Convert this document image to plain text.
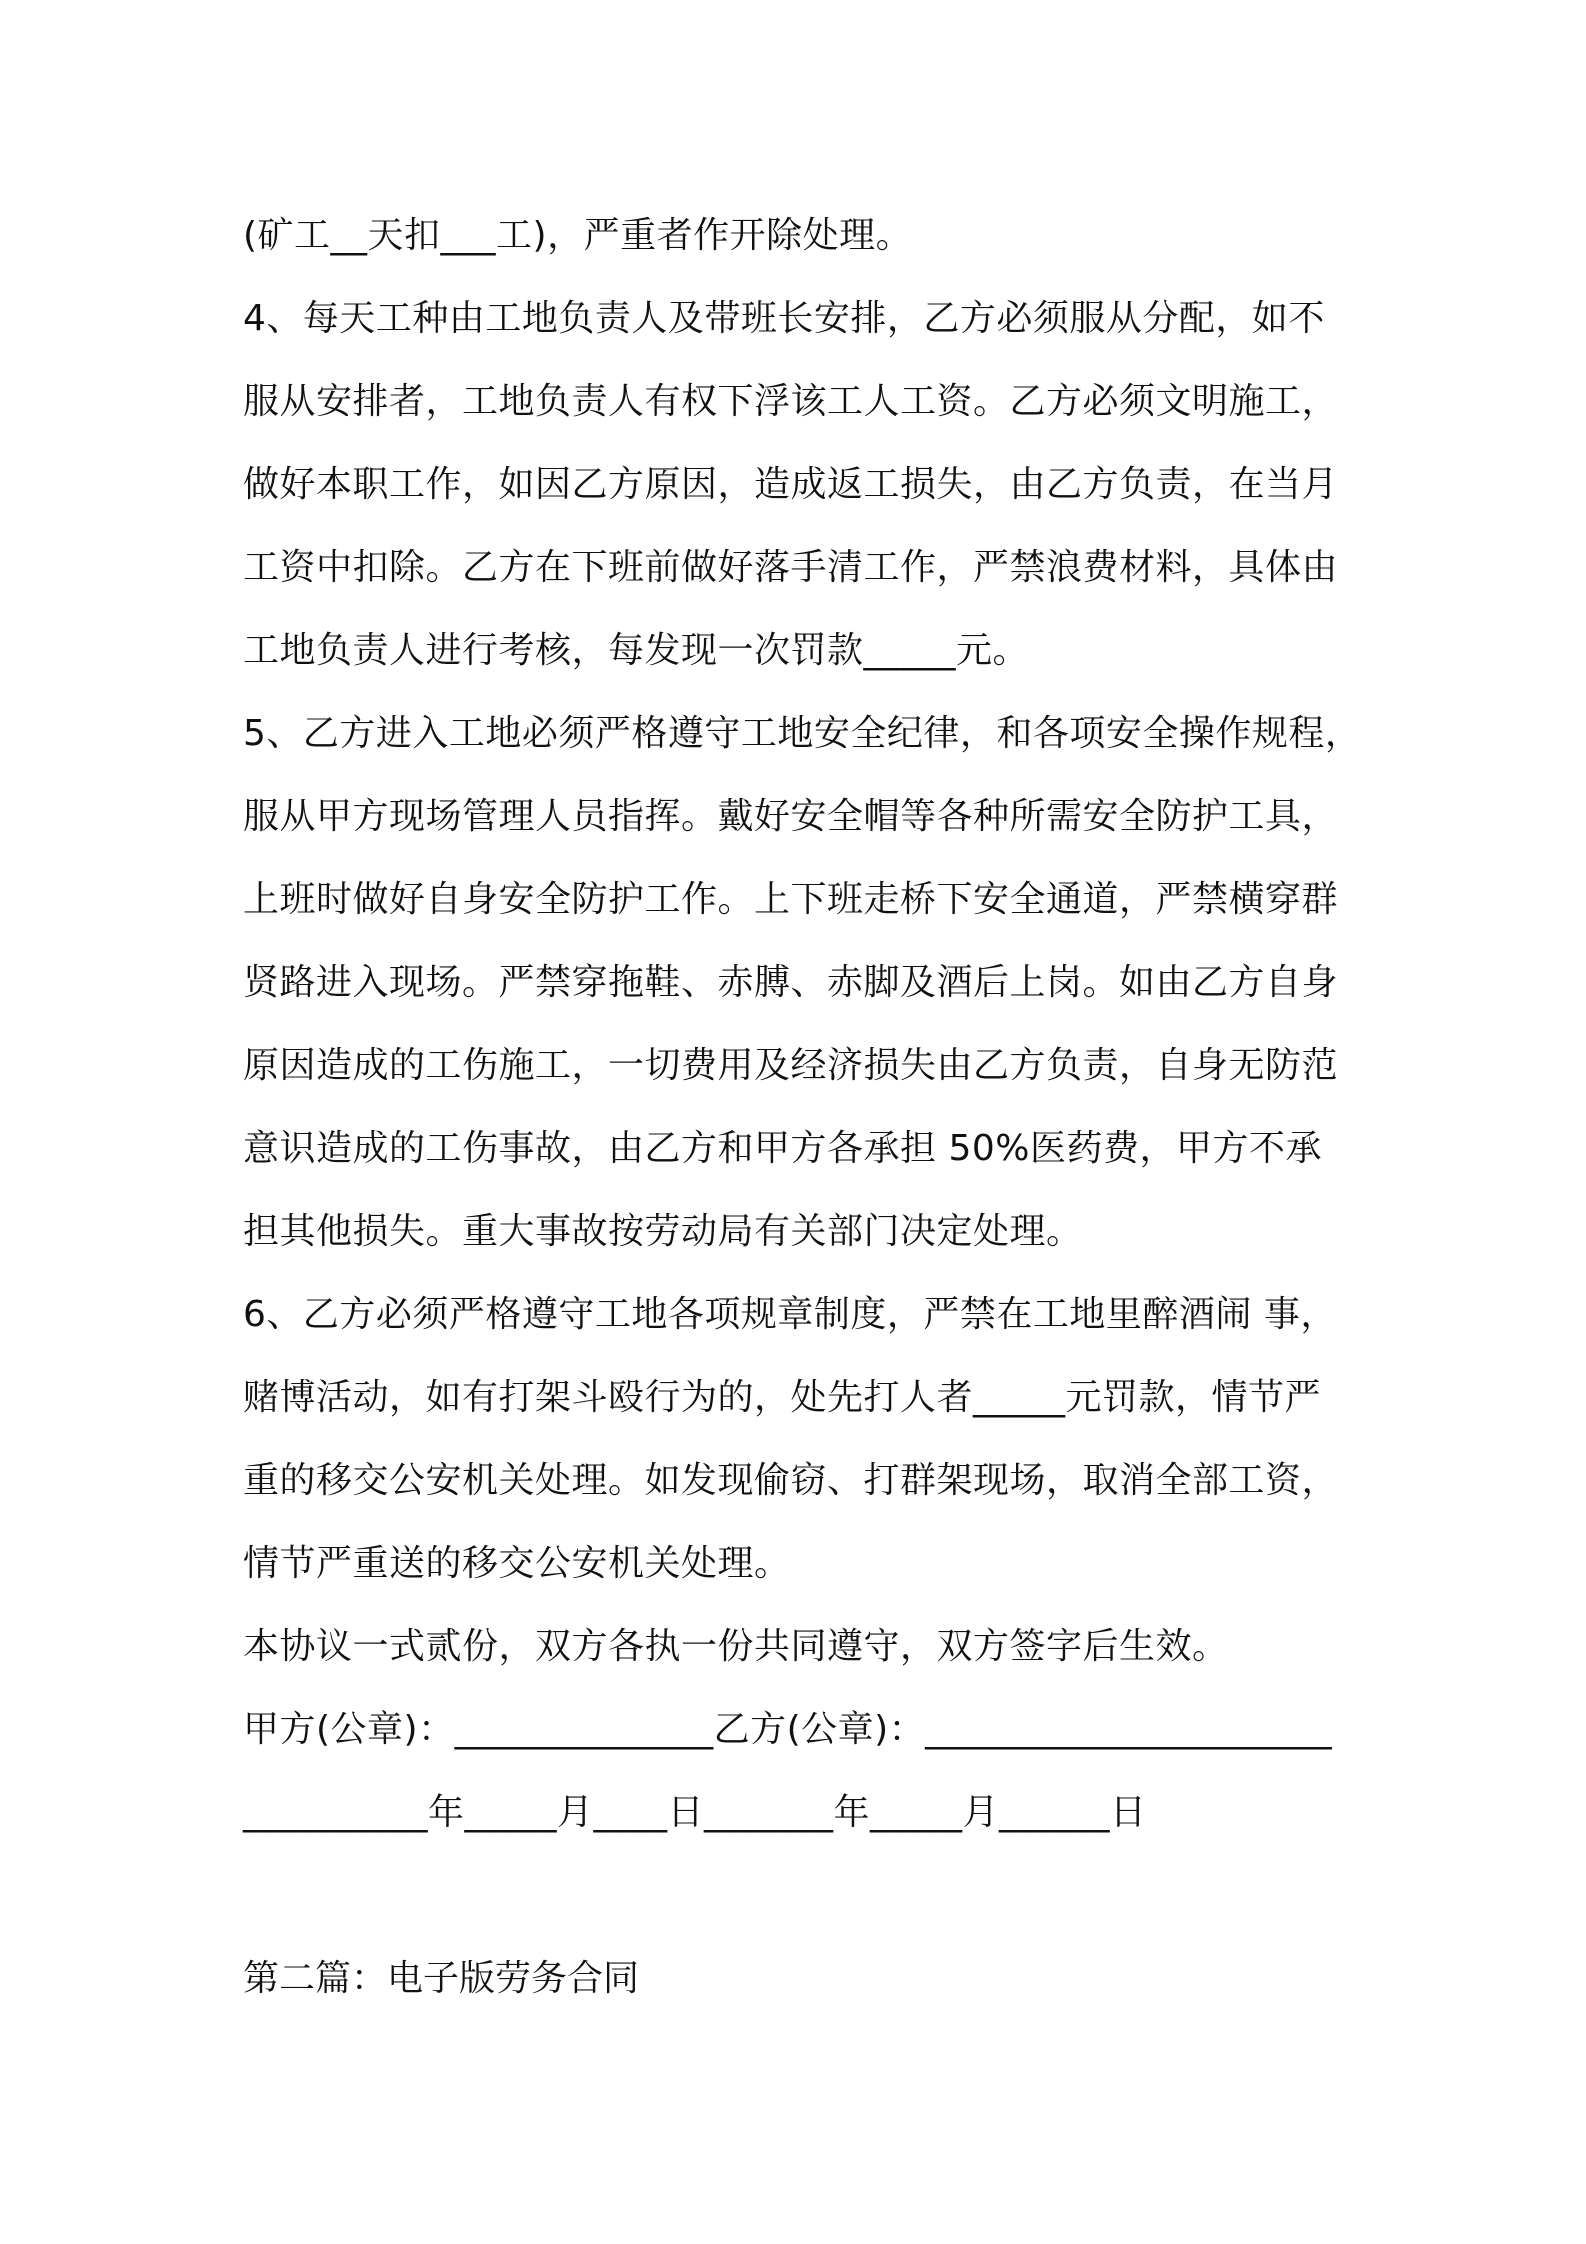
(矿工__天扣___工)，严重者作开除处理。

4、每天工种由工地负责人及带班长安排，乙方必须服从分配，如不

服从安排者，工地负责人有权下浮该工人工资。乙方必须文明施工，

做好本职工作，如因乙方原因，造成返工损失，由乙方负责，在当月

工资中扣除。乙方在下班前做好落手清工作，严禁浪费材料，具体由

工地负责人进行考核，每发现一次罚款_____元。

5、乙方进入工地必须严格遵守工地安全纪律，和各项安全操作规程，

服从甲方现场管理人员指挥。戴好安全帽等各种所需安全防护工具，

上班时做好自身安全防护工作。上下班走桥下安全通道，严禁横穿群

贤路进入现场。严禁穿拖鞋、赤膊、赤脚及酒后上岗。如由乙方自身

原因造成的工伤施工，一切费用及经济损失由乙方负责，自身无防范

意识造成的工伤事故，由乙方和甲方各承担 50%医药费，甲方不承

担其他损失。重大事故按劳动局有关部门决定处理。

6、乙方必须严格遵守工地各项规章制度，严禁在工地里醉酒闹 事，

赌博活动，如有打架斗殴行为的，处先打人者_____元罚款，情节严

重的移交公安机关处理。如发现偷窃、打群架现场，取消全部工资，

情节严重送的移交公安机关处理。

本协议一式贰份，双方各执一份共同遵守，双方签字后生效。

甲方(公章)：______________乙方(公章)：______________________

__________年_____月____日_______年_____月______日

第二篇：电子版劳务合同
